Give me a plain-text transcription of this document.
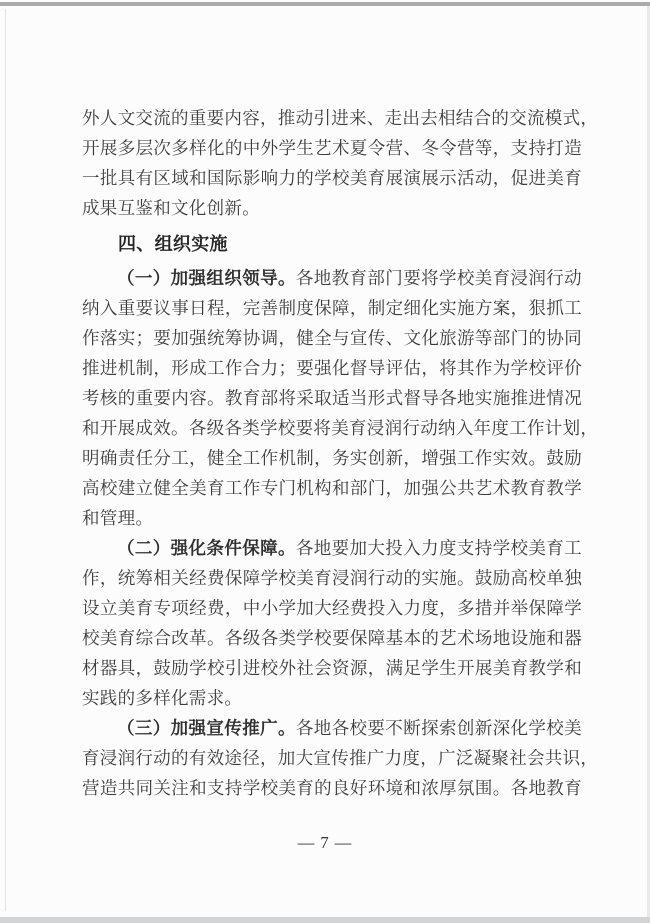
外人文交流的重要内容，推动引进来、走出去相结合的交流模式，
开展多层次多样化的中外学生艺术夏令营、冬令营等，支持打造
一批具有区域和国际影响力的学校美育展演展示活动，促进美育
成果互鉴和文化创新。
四、组织实施
（一）加强组织领导。各地教育部门要将学校美育浸润行动
纳入重要议事日程，完善制度保障，制定细化实施方案，狠抓工
作落实；要加强统筹协调，健全与宣传、文化旅游等部门的协同
推进机制，形成工作合力；要强化督导评估，将其作为学校评价
考核的重要内容。教育部将采取适当形式督导各地实施推进情况
和开展成效。各级各类学校要将美育浸润行动纳入年度工作计划，
明确责任分工，健全工作机制，务实创新，增强工作实效。鼓励
高校建立健全美育工作专门机构和部门，加强公共艺术教育教学
和管理。
（二）强化条件保障。各地要加大投入力度支持学校美育工
作，统筹相关经费保障学校美育浸润行动的实施。鼓励高校单独
设立美育专项经费，中小学加大经费投入力度，多措并举保障学
校美育综合改革。各级各类学校要保障基本的艺术场地设施和器
材器具，鼓励学校引进校外社会资源，满足学生开展美育教学和
实践的多样化需求。
（三）加强宣传推广。各地各校要不断探索创新深化学校美
育浸润行动的有效途径，加大宣传推广力度，广泛凝聚社会共识，
营造共同关注和支持学校美育的良好环境和浓厚氛围。各地教育
— 7 —
